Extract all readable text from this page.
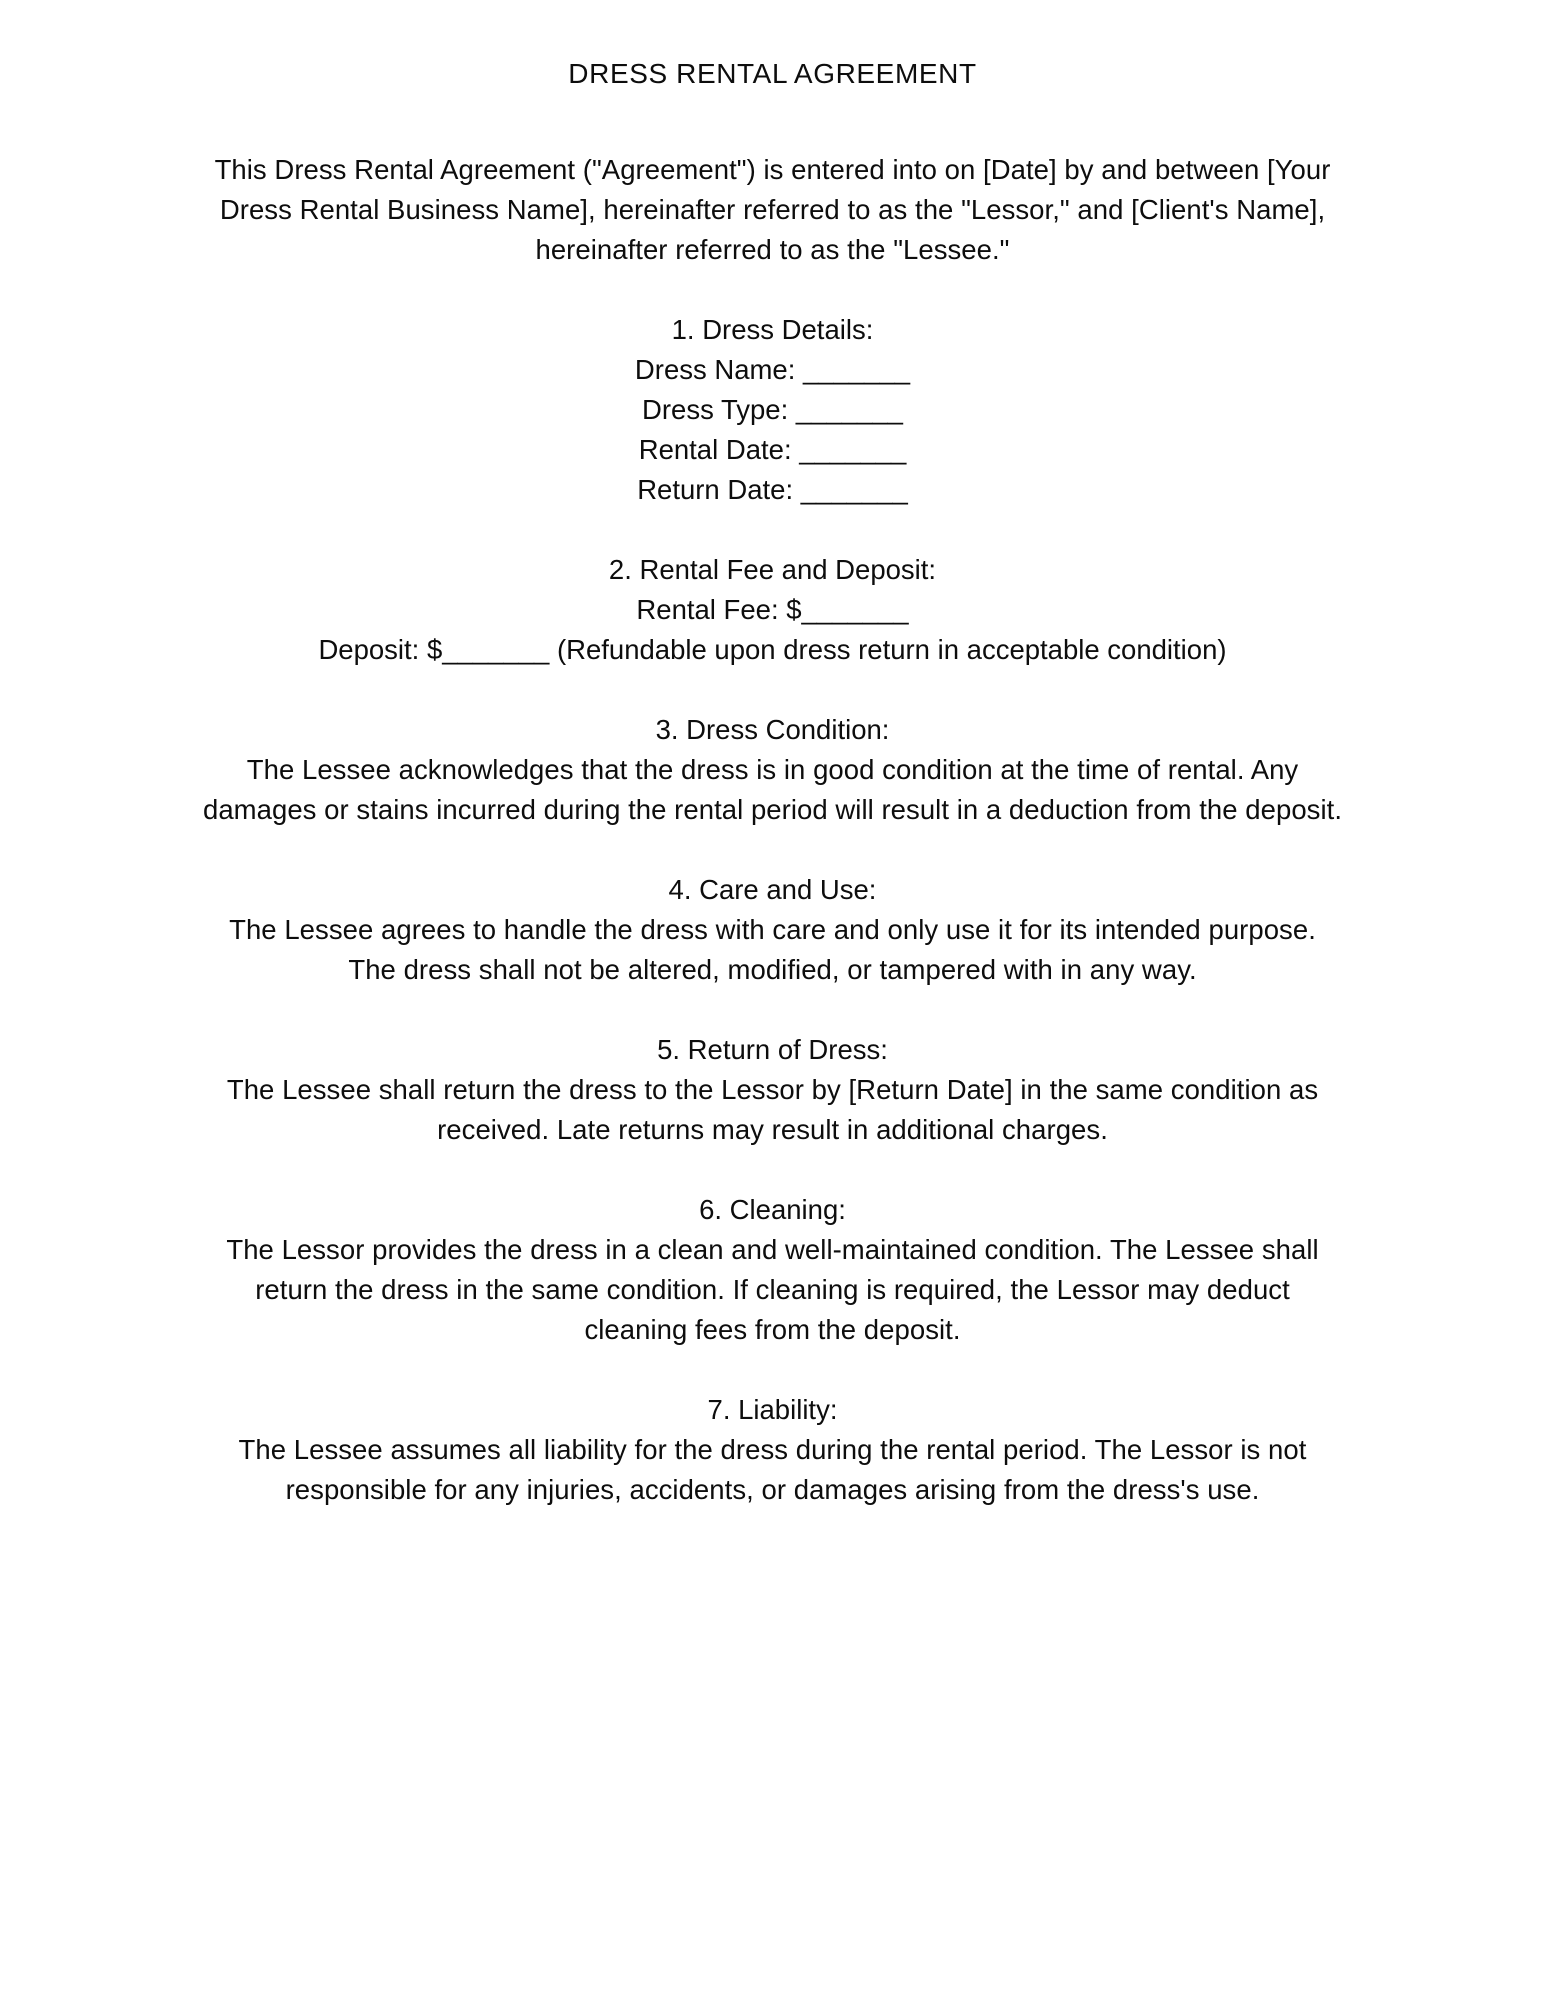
DRESS RENTAL AGREEMENT

This Dress Rental Agreement ("Agreement") is entered into on [Date] by and between [Your Dress Rental Business Name], hereinafter referred to as the "Lessor," and [Client's Name], hereinafter referred to as the "Lessee."

1. Dress Details:

Dress Name: _______

Dress Type: _______

Rental Date: _______

Return Date: _______

2. Rental Fee and Deposit:

Rental Fee: $_______

Deposit: $_______ (Refundable upon dress return in acceptable condition)

3. Dress Condition:

The Lessee acknowledges that the dress is in good condition at the time of rental. Any damages or stains incurred during the rental period will result in a deduction from the deposit.

4. Care and Use:

The Lessee agrees to handle the dress with care and only use it for its intended purpose. The dress shall not be altered, modified, or tampered with in any way.

5. Return of Dress:

The Lessee shall return the dress to the Lessor by [Return Date] in the same condition as received. Late returns may result in additional charges.

6. Cleaning:

The Lessor provides the dress in a clean and well-maintained condition. The Lessee shall return the dress in the same condition. If cleaning is required, the Lessor may deduct cleaning fees from the deposit.

7. Liability:

The Lessee assumes all liability for the dress during the rental period. The Lessor is not responsible for any injuries, accidents, or damages arising from the dress's use.
